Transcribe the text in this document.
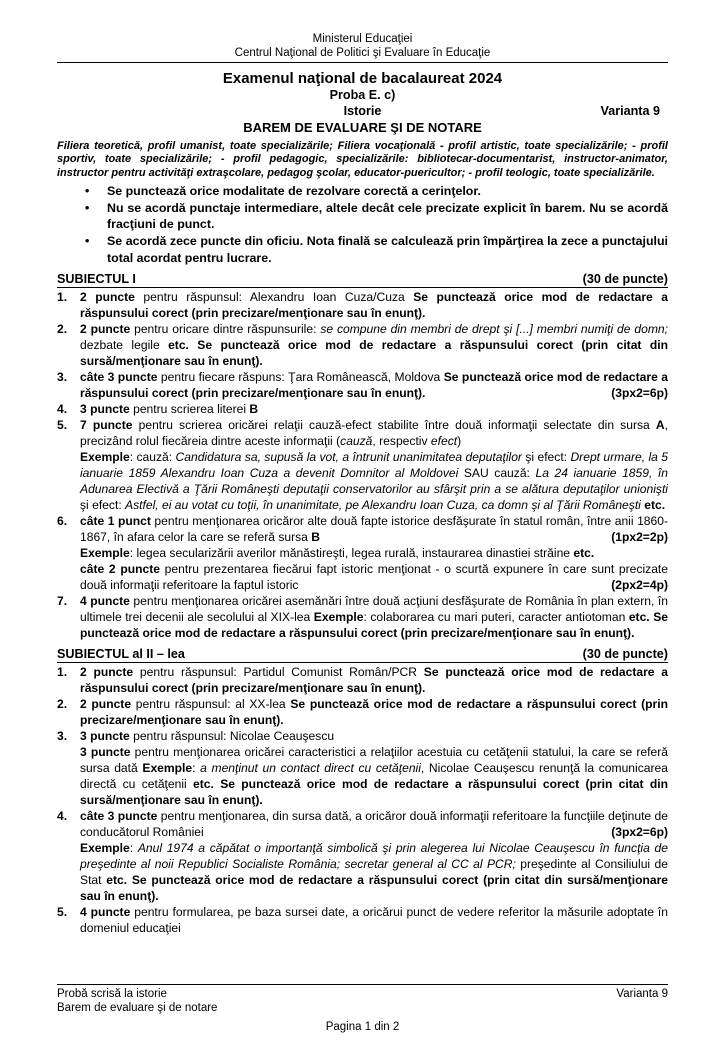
Ministerul Educaţiei
Centrul Naţional de Politici şi Evaluare în Educaţie
Examenul naţional de bacalaureat 2024
Proba E. c)
Istorie	Varianta 9
BAREM DE EVALUARE ŞI DE NOTARE
Filiera teoretică, profil umanist, toate specializările; Filiera vocaţională - profil artistic, toate specializările; - profil sportiv, toate specializările; - profil pedagogic, specializările: bibliotecar-documentarist, instructor-animator, instructor pentru activităţi extraşcolare, pedagog şcolar, educator-puericultor; - profil teologic, toate specializările.
•	Se punctează orice modalitate de rezolvare corectă a cerinţelor.
•	Nu se acordă punctaje intermediare, altele decât cele precizate explicit în barem. Nu se acordă fracţiuni de punct.
•	Se acordă zece puncte din oficiu. Nota finală se calculează prin împărţirea la zece a punctajului total acordat pentru lucrare.
SUBIECTUL I	(30 de puncte)
1.	2 puncte pentru răspunsul: Alexandru Ioan Cuza/Cuza Se punctează orice mod de redactare a răspunsului corect (prin precizare/menţionare sau în enunţ).
2.	2 puncte pentru oricare dintre răspunsurile: se compune din membri de drept şi [...] membri numiţi de domn; dezbate legile etc. Se punctează orice mod de redactare a răspunsului corect (prin citat din sursă/menţionare sau în enunţ).
3.	câte 3 puncte pentru fiecare răspuns: Ţara Românească, Moldova Se punctează orice mod de redactare a răspunsului corect (prin precizare/menţionare sau în enunţ).	(3px2=6p)
4.	3 puncte pentru scrierea literei B
5.	7 puncte pentru scrierea oricărei relaţii cauză-efect stabilite între două informaţii selectate din sursa A, precizând rolul fiecăreia dintre aceste informaţii (cauză, respectiv efect)
Exemple: cauză: Candidatura sa, supusă la vot, a întrunit unanimitatea deputaţilor şi efect: Drept urmare, la 5 ianuarie 1859 Alexandru Ioan Cuza a devenit Domnitor al Moldovei SAU cauză: La 24 ianuarie 1859, în Adunarea Electivă a Ţării Româneşti deputaţii conservatorilor au sfârşit prin a se alătura deputaţilor unionişti şi efect: Astfel, ei au votat cu toţii, în unanimitate, pe Alexandru Ioan Cuza, ca domn şi al Ţării Româneşti etc.
6.	câte 1 punct pentru menţionarea oricăror alte două fapte istorice desfăşurate în statul român, între anii 1860-1867, în afara celor la care se referă sursa B	(1px2=2p)
Exemple: legea secularizării averilor mănăstireşti, legea rurală, instaurarea dinastiei străine etc.
câte 2 puncte pentru prezentarea fiecărui fapt istoric menţionat - o scurtă expunere în care sunt precizate două informaţii referitoare la faptul istoric	(2px2=4p)
7.	4 puncte pentru menţionarea oricărei asemănări între două acţiuni desfăşurate de România în plan extern, în ultimele trei decenii ale secolului al XIX-lea Exemple: colaborarea cu mari puteri, caracter antiotoman etc. Se punctează orice mod de redactare a răspunsului corect (prin precizare/menţionare sau în enunţ).
SUBIECTUL al II – lea	(30 de puncte)
1.	2 puncte pentru răspunsul: Partidul Comunist Român/PCR Se punctează orice mod de redactare a răspunsului corect (prin precizare/menţionare sau în enunţ).
2.	2 puncte pentru răspunsul: al XX-lea Se punctează orice mod de redactare a răspunsului corect (prin precizare/menţionare sau în enunţ).
3.	3 puncte pentru răspunsul: Nicolae Ceauşescu
3 puncte pentru menţionarea oricărei caracteristici a relaţiilor acestuia cu cetăţenii statului, la care se referă sursa dată Exemple: a menţinut un contact direct cu cetăţenii, Nicolae Ceauşescu renunţă la comunicarea directă cu cetăţenii etc. Se punctează orice mod de redactare a răspunsului corect (prin citat din sursă/menţionare sau în enunţ).
4.	câte 3 puncte pentru menţionarea, din sursa dată, a oricăror două informaţii referitoare la funcţiile deţinute de conducătorul României	(3px2=6p)
Exemple: Anul 1974 a căpătat o importanţă simbolică şi prin alegerea lui Nicolae Ceauşescu în funcţia de preşedinte al noii Republici Socialiste România; secretar general al CC al PCR; preşedinte al Consiliului de Stat etc. Se punctează orice mod de redactare a răspunsului corect (prin citat din sursă/menţionare sau în enunţ).
5.	4 puncte pentru formularea, pe baza sursei date, a oricărui punct de vedere referitor la măsurile adoptate în domeniul educaţiei
Probă scrisă la istorie	Varianta 9
Barem de evaluare şi de notare
Pagina 1 din 2
